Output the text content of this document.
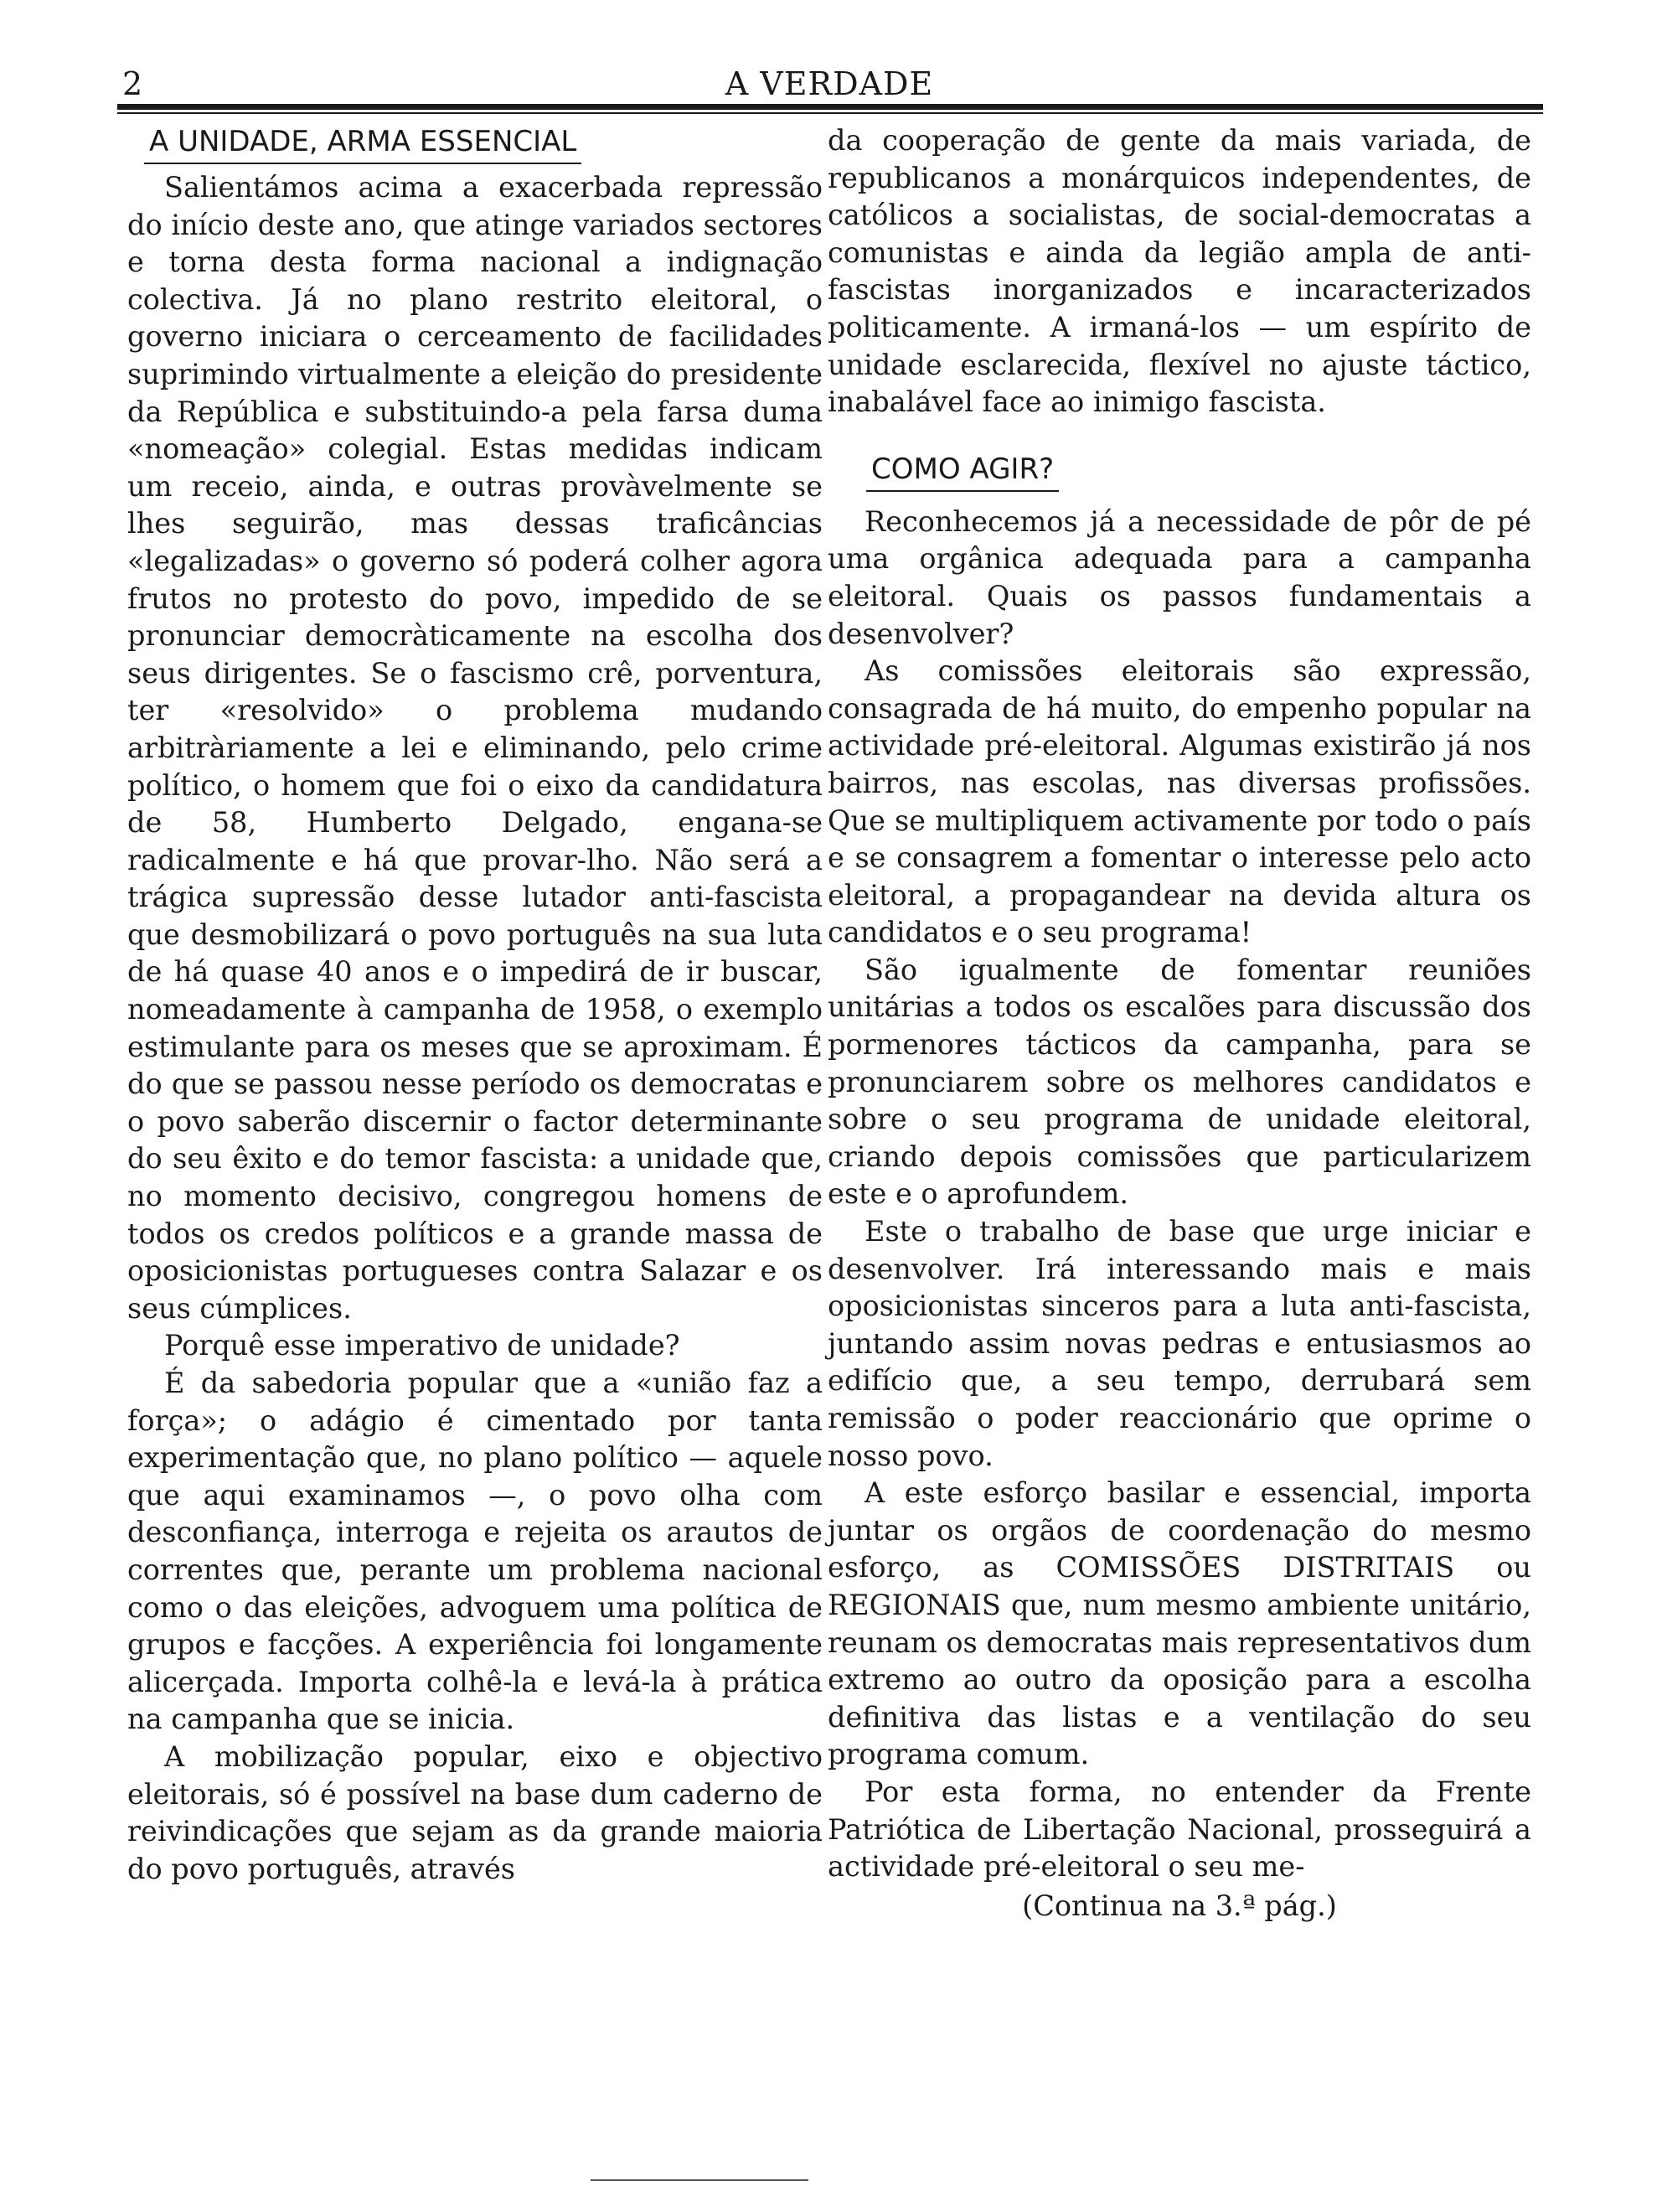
2	A VERDADE
A UNIDADE, ARMA ESSENCIAL

Salientámos acima a exacerbada repressão do início deste ano, que atinge variados sectores e torna desta forma nacional a indignação colectiva. Já no plano restrito eleitoral, o governo iniciara o cerceamento de facilidades suprimindo virtualmente a eleição do presidente da República e substituindo-a pela farsa duma «nomeação» colegial. Estas medidas indicam um receio, ainda, e outras provàvelmente se lhes seguirão, mas dessas traficâncias «legalizadas» o governo só poderá colher agora frutos no protesto do povo, impedido de se pronunciar democràticamente na escolha dos seus dirigentes. Se o fascismo crê, porventura, ter «resolvido» o problema mudando arbitràriamente a lei e eliminando, pelo crime político, o homem que foi o eixo da candidatura de 58, Humberto Delgado, engana-se radicalmente e há que provar-lho. Não será a trágica supressão desse lutador anti-fascista que desmobilizará o povo português na sua luta de há quase 40 anos e o impedirá de ir buscar, nomeadamente à campanha de 1958, o exemplo estimulante para os meses que se aproximam. É do que se passou nesse período os democratas e o povo saberão discernir o factor determinante do seu êxito e do temor fascista: a unidade que, no momento decisivo, congregou homens de todos os credos políticos e a grande massa de oposicionistas portugueses contra Salazar e os seus cúmplices.

Porquê esse imperativo de unidade?

É da sabedoria popular que a «união faz a força»; o adágio é cimentado por tanta experimentação que, no plano político — aquele que aqui examinamos —, o povo olha com desconfiança, interroga e rejeita os arautos de correntes que, perante um problema nacional como o das eleições, advoguem uma política de grupos e facções. A experiência foi longamente alicerçada. Importa colhê-la e levá-la à prática na campanha que se inicia.

A mobilização popular, eixo e objectivo eleitorais, só é possível na base dum caderno de reivindicações que sejam as da grande maioria do povo português, através

da cooperação de gente da mais variada, de republicanos a monárquicos independentes, de católicos a socialistas, de social-democratas a comunistas e ainda da legião ampla de anti-fascistas inorganizados e incaracterizados politicamente. A irmaná-los — um espírito de unidade esclarecida, flexível no ajuste táctico, inabalável face ao inimigo fascista.

COMO AGIR?

Reconhecemos já a necessidade de pôr de pé uma orgânica adequada para a campanha eleitoral. Quais os passos fundamentais a desenvolver?

As comissões eleitorais são expressão, consagrada de há muito, do empenho popular na actividade pré-eleitoral. Algumas existirão já nos bairros, nas escolas, nas diversas profissões. Que se multipliquem activamente por todo o país e se consagrem a fomentar o interesse pelo acto eleitoral, a propagandear na devida altura os candidatos e o seu programa!

São igualmente de fomentar reuniões unitárias a todos os escalões para discussão dos pormenores tácticos da campanha, para se pronunciarem sobre os melhores candidatos e sobre o seu programa de unidade eleitoral, criando depois comissões que particularizem este e o aprofundem.

Este o trabalho de base que urge iniciar e desenvolver. Irá interessando mais e mais oposicionistas sinceros para a luta anti-fascista, juntando assim novas pedras e entusiasmos ao edifício que, a seu tempo, derrubará sem remissão o poder reaccionário que oprime o nosso povo.

A este esforço basilar e essencial, importa juntar os orgãos de coordenação do mesmo esforço, as COMISSÕES DISTRITAIS ou REGIONAIS que, num mesmo ambiente unitário, reunam os democratas mais representativos dum extremo ao outro da oposição para a escolha definitiva das listas e a ventilação do seu programa comum.

Por esta forma, no entender da Frente Patriótica de Libertação Nacional, prosseguirá a actividade pré-eleitoral o seu me-

(Continua na 3.ª pág.)
